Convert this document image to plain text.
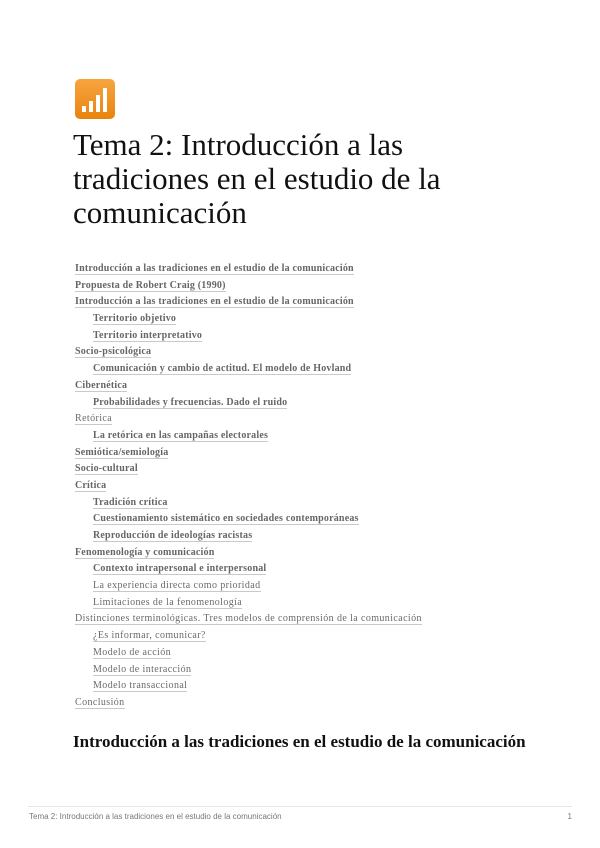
Tema 2: Introducción a las tradiciones en el estudio de la comunicación
Introducción a las tradiciones en el estudio de la comunicación
Propuesta de Robert Craig (1990)
Introducción a las tradiciones en el estudio de la comunicación
Territorio objetivo
Territorio interpretativo
Socio-psicológica
Comunicación y cambio de actitud. El modelo de Hovland
Cibernética
Probabilidades y frecuencias. Dado el ruido
Retórica
La retórica en las campañas electorales
Semiótica/semiología
Socio-cultural
Crítica
Tradición crítica
Cuestionamiento sistemático en sociedades contemporáneas
Reproducción de ideologías racistas
Fenomenología y comunicación
Contexto intrapersonal e interpersonal
La experiencia directa como prioridad
Limitaciones de la fenomenología
Distinciones terminológicas. Tres modelos de comprensión de la comunicación
¿Es informar, comunicar?
Modelo de acción
Modelo de interacción
Modelo transaccional
Conclusión
Introducción a las tradiciones en el estudio de la comunicación
Tema 2: Introducción a las tradiciones en el estudio de la comunicación	1
